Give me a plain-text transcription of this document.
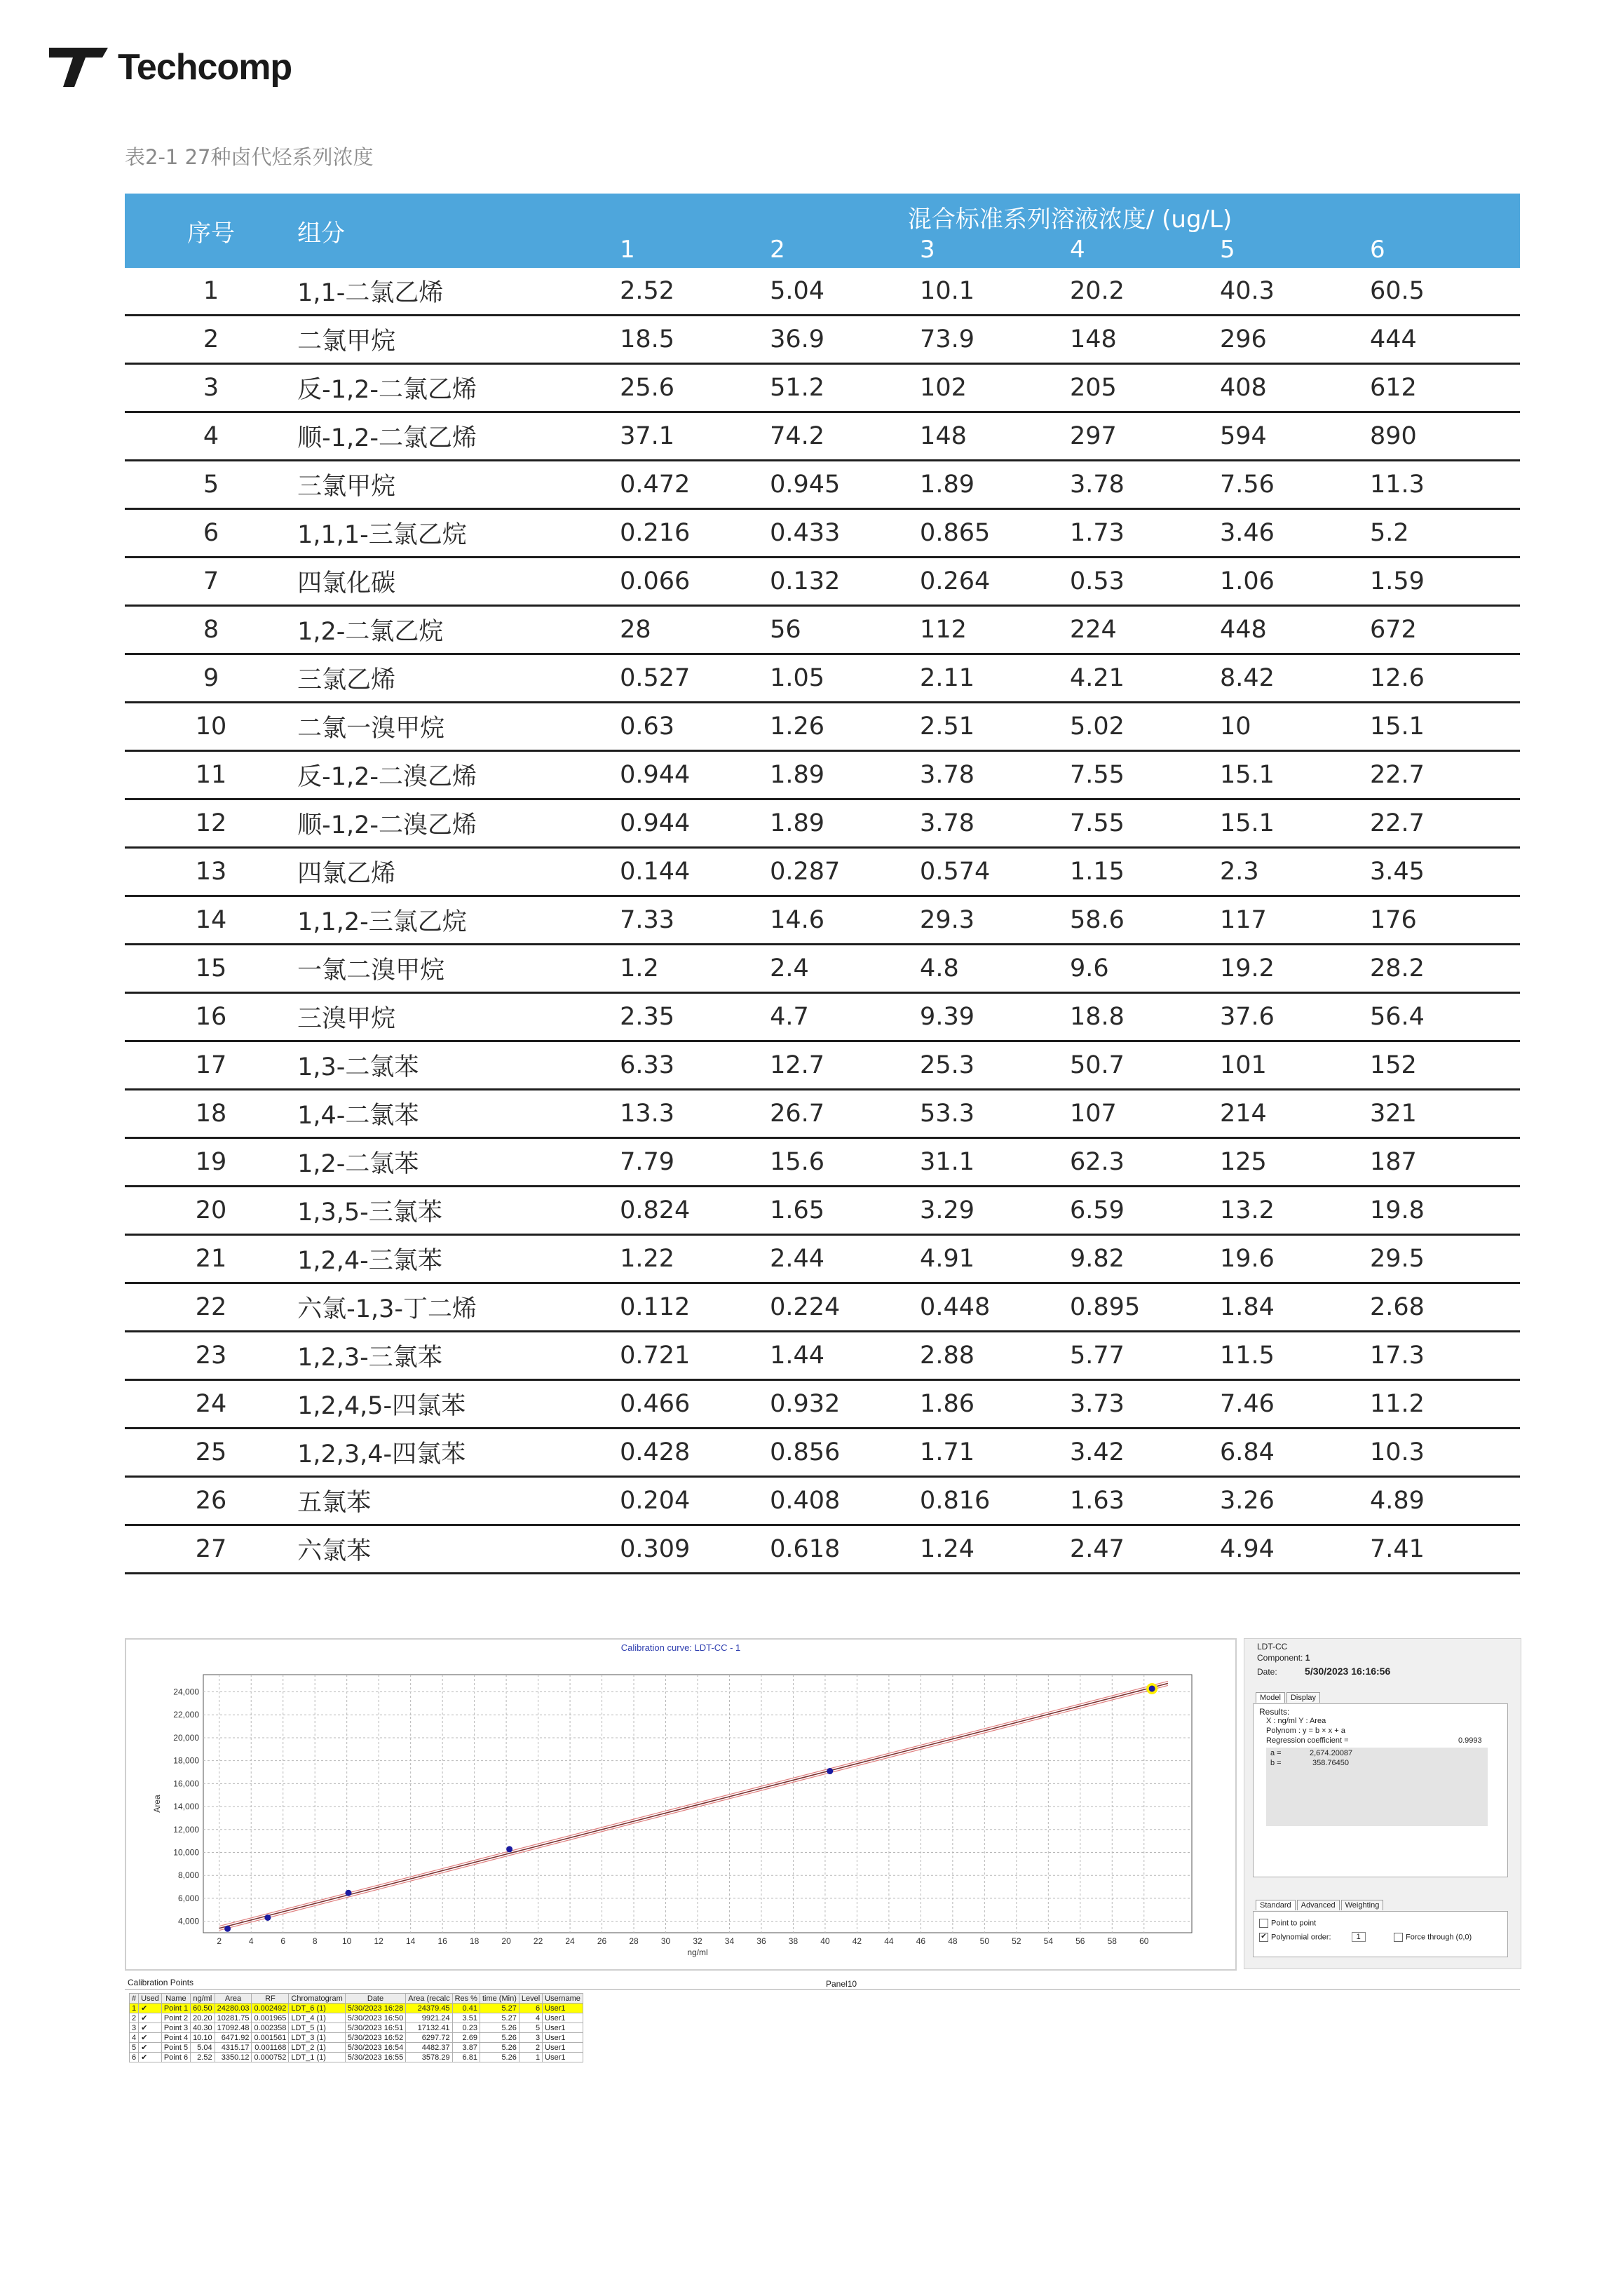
Techcomp
表2-1 27种卤代烃系列浓度
序号	组分	混合标准系列溶液浓度/ (ug/L)					
		1	2	3	4	5	6
1	1,1-二氯乙烯	2.52	5.04	10.1	20.2	40.3	60.5
2	二氯甲烷	18.5	36.9	73.9	148	296	444
3	反-1,2-二氯乙烯	25.6	51.2	102	205	408	612
4	顺-1,2-二氯乙烯	37.1	74.2	148	297	594	890
5	三氯甲烷	0.472	0.945	1.89	3.78	7.56	11.3
6	1,1,1-三氯乙烷	0.216	0.433	0.865	1.73	3.46	5.2
7	四氯化碳	0.066	0.132	0.264	0.53	1.06	1.59
8	1,2-二氯乙烷	28	56	112	224	448	672
9	三氯乙烯	0.527	1.05	2.11	4.21	8.42	12.6
10	二氯一溴甲烷	0.63	1.26	2.51	5.02	10	15.1
11	反-1,2-二溴乙烯	0.944	1.89	3.78	7.55	15.1	22.7
12	顺-1,2-二溴乙烯	0.944	1.89	3.78	7.55	15.1	22.7
13	四氯乙烯	0.144	0.287	0.574	1.15	2.3	3.45
14	1,1,2-三氯乙烷	7.33	14.6	29.3	58.6	117	176
15	一氯二溴甲烷	1.2	2.4	4.8	9.6	19.2	28.2
16	三溴甲烷	2.35	4.7	9.39	18.8	37.6	56.4
17	1,3-二氯苯	6.33	12.7	25.3	50.7	101	152
18	1,4-二氯苯	13.3	26.7	53.3	107	214	321
19	1,2-二氯苯	7.79	15.6	31.1	62.3	125	187
20	1,3,5-三氯苯	0.824	1.65	3.29	6.59	13.2	19.8
21	1,2,4-三氯苯	1.22	2.44	4.91	9.82	19.6	29.5
22	六氯-1,3-丁二烯	0.112	0.224	0.448	0.895	1.84	2.68
23	1,2,3-三氯苯	0.721	1.44	2.88	5.77	11.5	17.3
24	1,2,4,5-四氯苯	0.466	0.932	1.86	3.73	7.46	11.2
25	1,2,3,4-四氯苯	0.428	0.856	1.71	3.42	6.84	10.3
26	五氯苯	0.204	0.408	0.816	1.63	3.26	4.89
27	六氯苯	0.309	0.618	1.24	2.47	4.94	7.41
Calibration curve: LDT-CC - 1
2	4	6	8	10	12	14	16	18	20	22	24	26	28	30	32	34	36	38	40	42	44	46	48	50	52	54	56	58	60
4,000
6,000
8,000
10,000
12,000
14,000
16,000
18,000
20,000
22,000
24,000
ng/ml
Area
LDT-CC
Component: 1
Date:	5/30/2023 16:16:56
Model	Display
Results:
X : ng/ml Y : Area
Polynom : y = b × x + a
Regression coefficient =	0.9993
a =	2,674.20087
b =	358.76450
Standard	Advanced	Weighting
Point to point
✔ Polynomial order:	1	Force through (0,0)
Calibration Points	Panel10
#	Used	Name	ng/ml	Area	RF	Chromatogram	Date	Area (recalc	Res %	time (Min)	Level	Username
1	✔	Point 1	60.50	24280.03	0.002492	LDT_6 (1)	5/30/2023 16:28	24379.45	0.41	5.27	6	User1
2	✔	Point 2	20.20	10281.75	0.001965	LDT_4 (1)	5/30/2023 16:50	9921.24	3.51	5.27	4	User1
3	✔	Point 3	40.30	17092.48	0.002358	LDT_5 (1)	5/30/2023 16:51	17132.41	0.23	5.26	5	User1
4	✔	Point 4	10.10	6471.92	0.001561	LDT_3 (1)	5/30/2023 16:52	6297.72	2.69	5.26	3	User1
5	✔	Point 5	5.04	4315.17	0.001168	LDT_2 (1)	5/30/2023 16:54	4482.37	3.87	5.26	2	User1
6	✔	Point 6	2.52	3350.12	0.000752	LDT_1 (1)	5/30/2023 16:55	3578.29	6.81	5.26	1	User1
